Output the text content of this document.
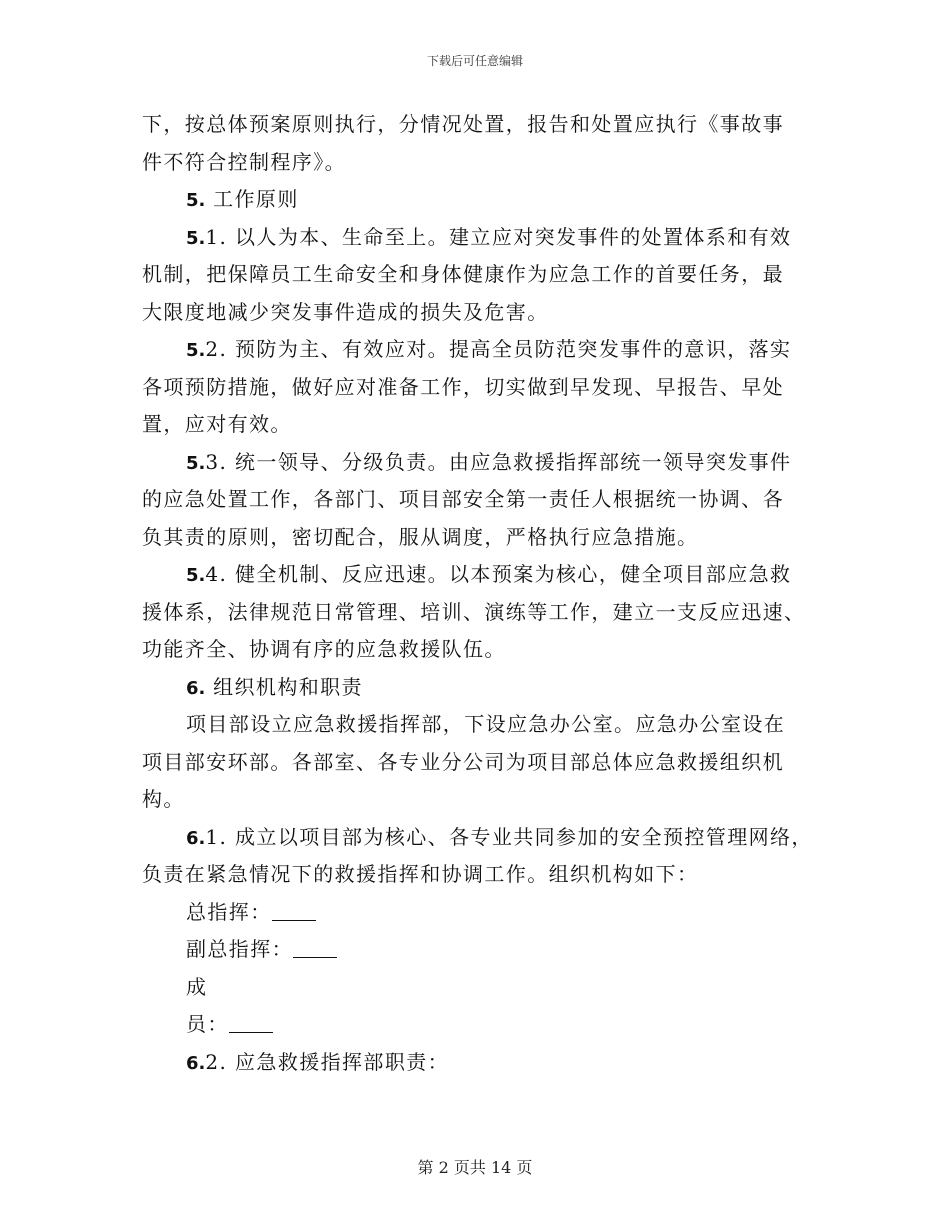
下载后可任意编辑
下，按总体预案原则执行，分情况处置，报告和处置应执行《事故事
件不符合控制程序》。
5. 工作原则
5.1. 以人为本、生命至上。建立应对突发事件的处置体系和有效
机制，把保障员工生命安全和身体健康作为应急工作的首要任务，最
大限度地减少突发事件造成的损失及危害。
5.2. 预防为主、有效应对。提高全员防范突发事件的意识，落实
各项预防措施，做好应对准备工作，切实做到早发现、早报告、早处
置，应对有效。
5.3. 统一领导、分级负责。由应急救援指挥部统一领导突发事件
的应急处置工作，各部门、项目部安全第一责任人根据统一协调、各
负其责的原则，密切配合，服从调度，严格执行应急措施。
5.4. 健全机制、反应迅速。以本预案为核心，健全项目部应急救
援体系，法律规范日常管理、培训、演练等工作，建立一支反应迅速、
功能齐全、协调有序的应急救援队伍。
6. 组织机构和职责
项目部设立应急救援指挥部，下设应急办公室。应急办公室设在
项目部安环部。各部室、各专业分公司为项目部总体应急救援组织机
构。
6.1. 成立以项目部为核心、各专业共同参加的安全预控管理网络，
负责在紧急情况下的救援指挥和协调工作。组织机构如下：
总指挥：
副总指挥：
成
员：
6.2. 应急救援指挥部职责：
第 2 页共 14 页
